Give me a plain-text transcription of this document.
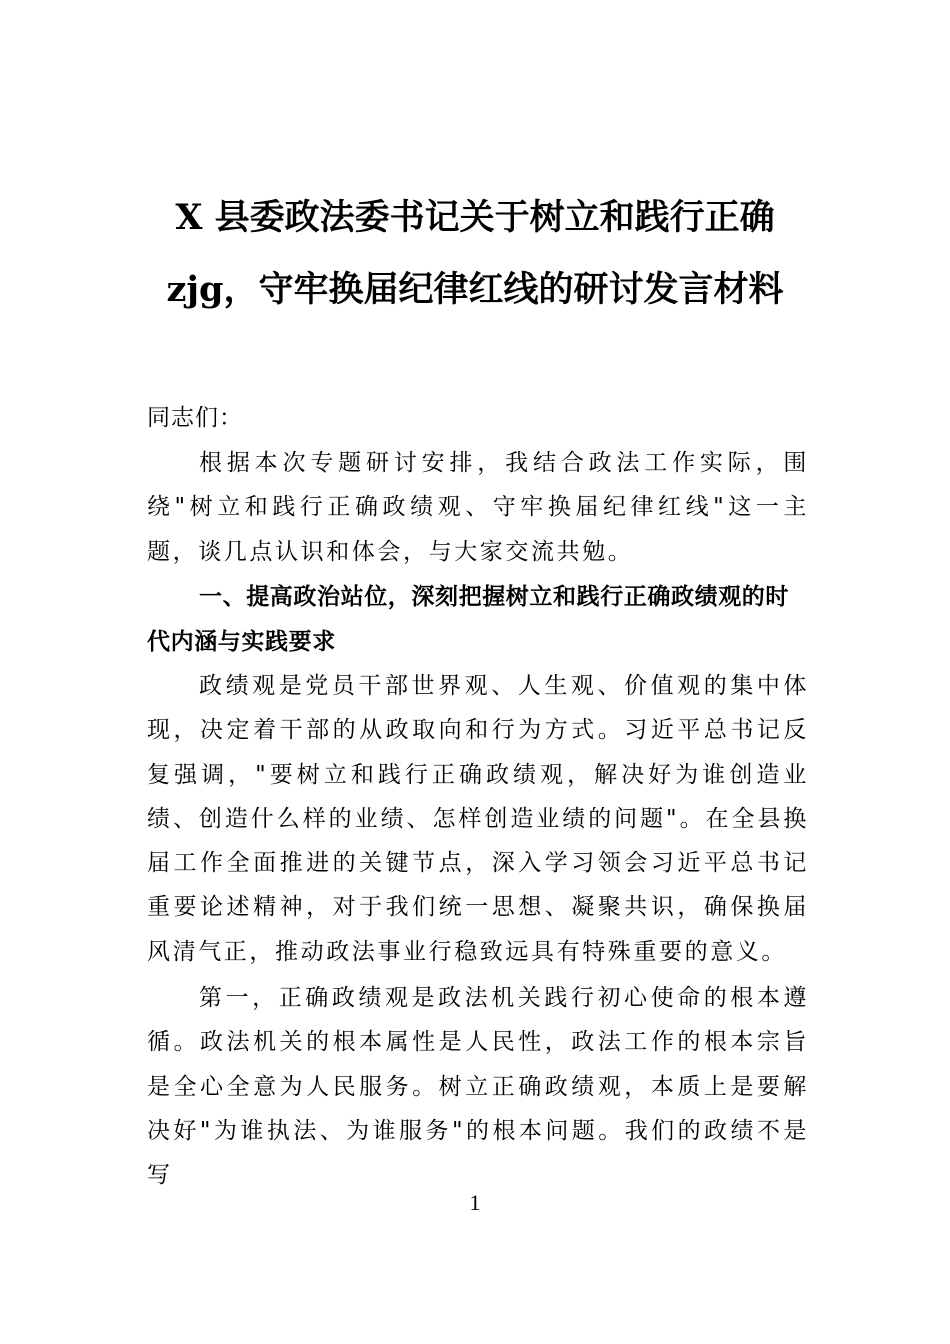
X 县委政法委书记关于树立和践行正确
zjg，守牢换届纪律红线的研讨发言材料

同志们：

根据本次专题研讨安排，我结合政法工作实际，围绕"树立和践行正确政绩观、守牢换届纪律红线"这一主题，谈几点认识和体会，与大家交流共勉。

一、提高政治站位，深刻把握树立和践行正确政绩观的时代内涵与实践要求

政绩观是党员干部世界观、人生观、价值观的集中体现，决定着干部的从政取向和行为方式。习近平总书记反复强调，"要树立和践行正确政绩观，解决好为谁创造业绩、创造什么样的业绩、怎样创造业绩的问题"。在全县换届工作全面推进的关键节点，深入学习领会习近平总书记重要论述精神，对于我们统一思想、凝聚共识，确保换届风清气正，推动政法事业行稳致远具有特殊重要的意义。

第一，正确政绩观是政法机关践行初心使命的根本遵循。政法机关的根本属性是人民性，政法工作的根本宗旨是全心全意为人民服务。树立正确政绩观，本质上是要解决好"为谁执法、为谁服务"的根本问题。我们的政绩不是写

1
